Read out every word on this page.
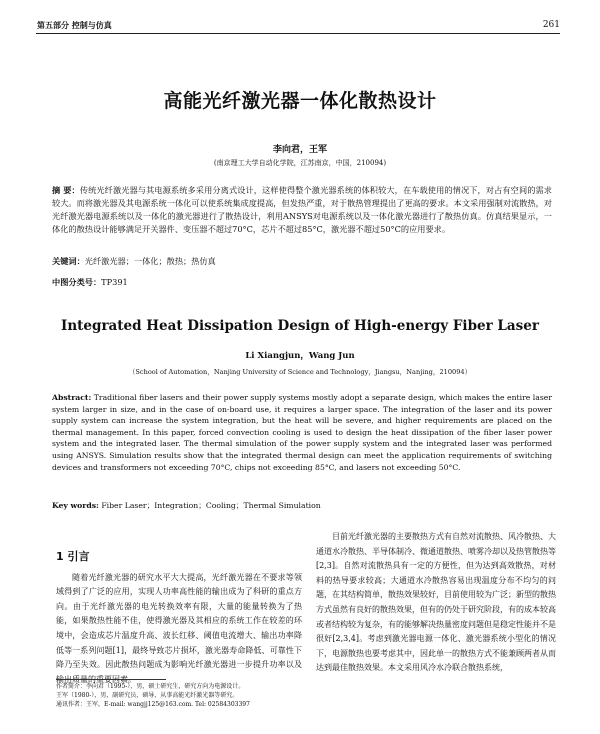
第五部分 控制与仿真	261
高能光纤激光器一体化散热设计
李向君，王军
(南京理工大学自动化学院，江苏南京，中国，210094)
摘 要：传统光纤激光器与其电源系统多采用分离式设计，这样使得整个激光器系统的体积较大，在车载使用的情况下，对占有空间的需求较大。而将激光器及其电源系统一体化可以使系统集成度提高，但发热严重，对于散热管理提出了更高的要求。本文采用强制对流散热，对光纤激光器电源系统以及一体化的激光器进行了散热设计，利用ANSYS对电源系统以及一体化激光器进行了散热仿真。仿真结果显示，一体化的散热设计能够满足开关器件、变压器不超过70°C，芯片不超过85°C，激光器不超过50°C的应用要求。
关键词：光纤激光器；一体化；散热；热仿真
中图分类号：TP391
Integrated Heat Dissipation Design of High-energy Fiber Laser
Li Xiangjun，Wang Jun
（School of Automation，Nanjing University of Science and Technology，Jiangsu，Nanjing，210094）
Abstract: Traditional fiber lasers and their power supply systems mostly adopt a separate design, which makes the entire laser system larger in size, and in the case of on-board use, it requires a larger space. The integration of the laser and its power supply system can increase the system integration, but the heat will be severe, and higher requirements are placed on the thermal management. In this paper, forced convection cooling is used to design the heat dissipation of the fiber laser power system and the integrated laser. The thermal simulation of the power supply system and the integrated laser was performed using ANSYS. Simulation results show that the integrated thermal design can meet the application requirements of switching devices and transformers not exceeding 70°C, chips not exceeding 85°C, and lasers not exceeding 50°C.
Key words: Fiber Laser；Integration；Cooling；Thermal Simulation
1 引言

随着光纤激光器的研究水平大大提高，光纤激光器在不要求等领域得到了广泛的应用，实现人功率高性能的输出成为了科研的重点方向。由于光纤激光器的电光转换效率有限，大量的能量转换为了热能，如果散热性能不佳，使得激光器及其相应的系统工作在较差的环境中，会造成芯片温度升高、波长红移、阈值电流增大、输出功率降低等一系列问题[1]，最终导致芯片损坏，激光器寿命降低、可靠性下降乃至失效。因此散热问题成为影响光纤激光器进一步提升功率以及输出质量的重要因素。

目前光纤激光器的主要散热方式有自然对流散热、风冷散热、大通道水冷散热、半导体制冷、微通道散热、喷雾冷却以及热管散热等[2,3]。自然对流散热具有一定的方便性，但为达到高效散热，对材料的热导要求较高；大通道水冷散热容易出现温度分布不均匀的问题，在其结构简单，散热效果较好，目前使用较为广泛；新型的散热方式虽然有良好的散热效果，但有的仍处于研究阶段，有的成本较高或者结构较为复杂，有的能够解决热量密度问题但是稳定性能并不是很好[2,3,4]。考虑到激光器电源一体化、激光器系统小型化的情况下，电源散热也要考虑其中，因此单一的散热方式不能兼顾两者从而达到最佳散热效果。本文采用风冷水冷联合散热系统，

作者简介：李向君（1995-），男，硕士研究生，研究方向为电源设计。
王军（1980-），男，副研究员，硕导，从事高能光纤激光器等研究。
通讯作者：王军，E-mail: wangjj125@163.com. Tel: 02584303397
